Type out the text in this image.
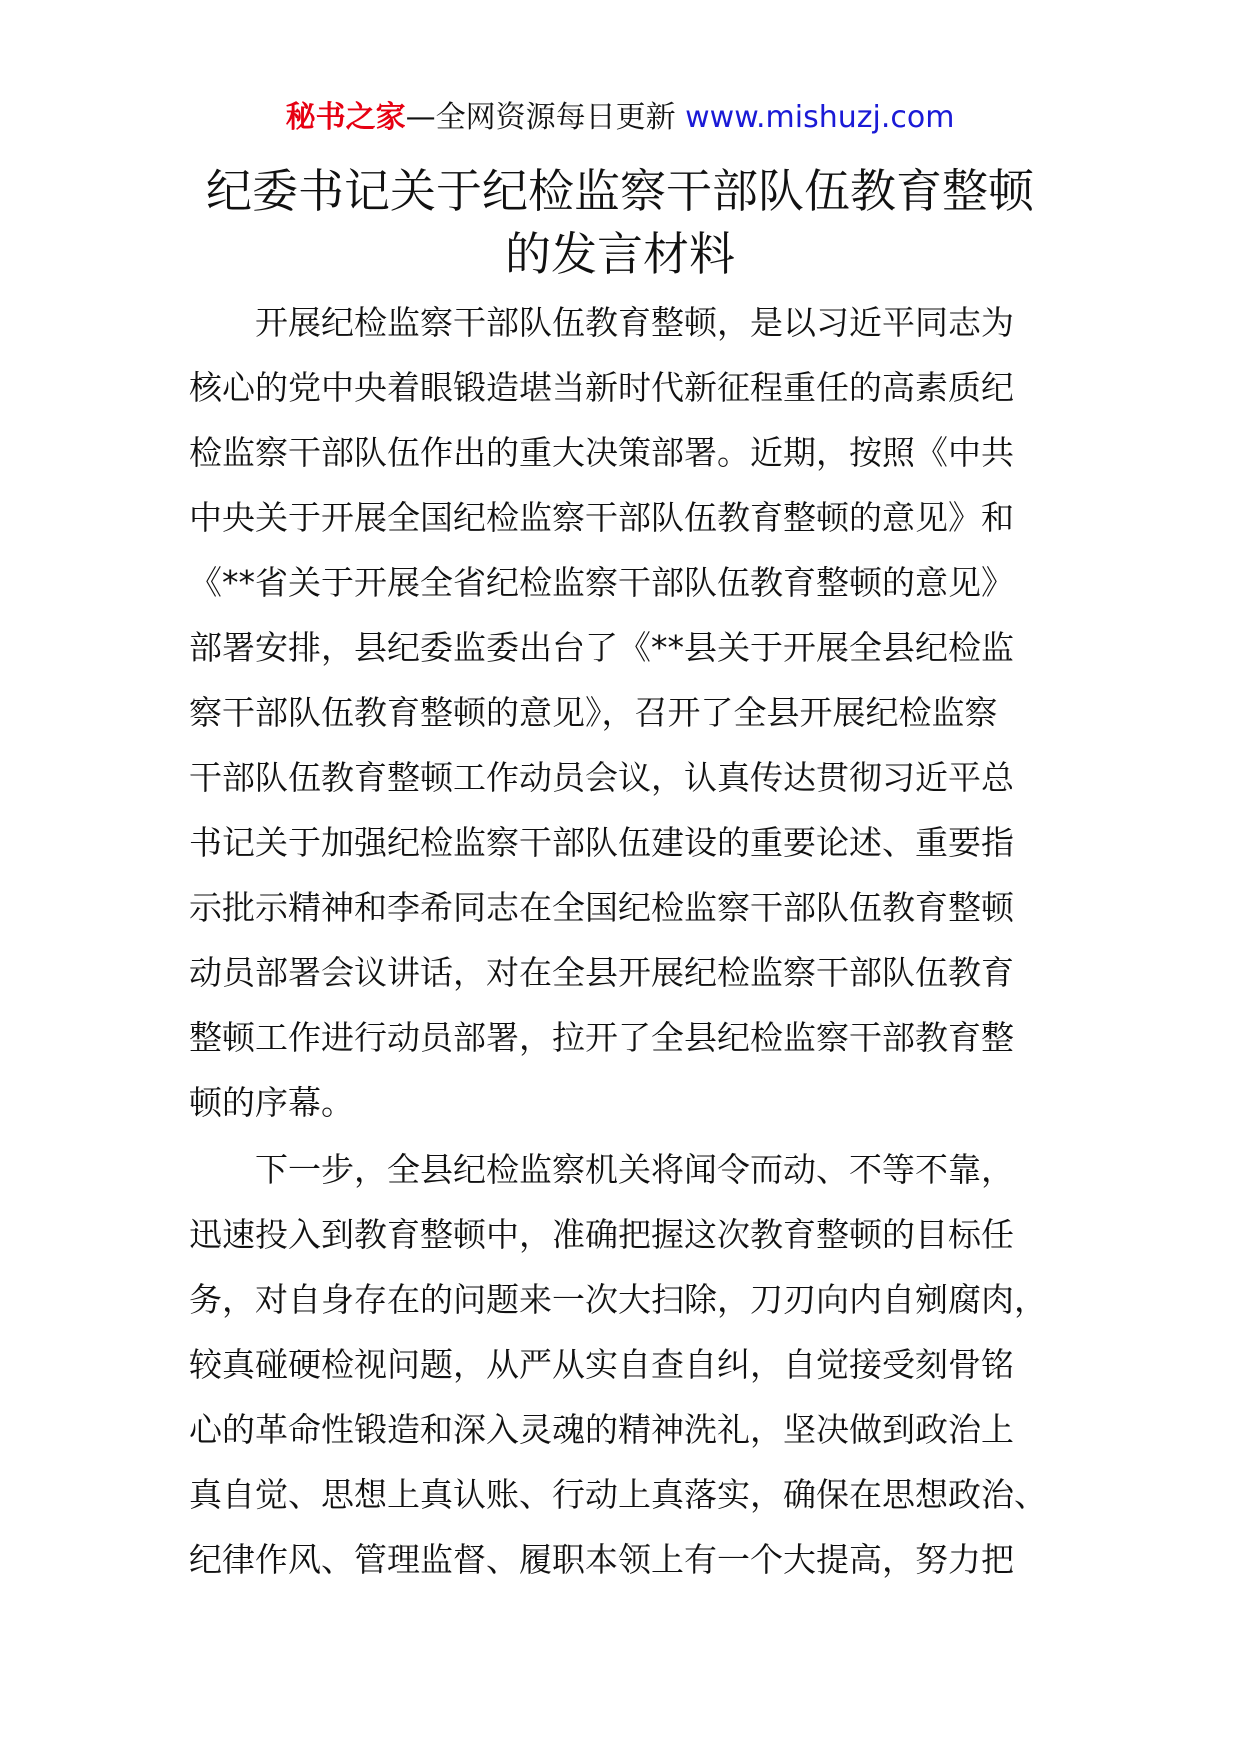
秘书之家—全网资源每日更新 www.mishuzj.com
纪委书记关于纪检监察干部队伍教育整顿
的发言材料
开展纪检监察干部队伍教育整顿，是以习近平同志为
核心的党中央着眼锻造堪当新时代新征程重任的高素质纪
检监察干部队伍作出的重大决策部署。近期，按照《中共
中央关于开展全国纪检监察干部队伍教育整顿的意见》和
《**省关于开展全省纪检监察干部队伍教育整顿的意见》
部署安排，县纪委监委出台了《**县关于开展全县纪检监
察干部队伍教育整顿的意见》，召开了全县开展纪检监察
干部队伍教育整顿工作动员会议，认真传达贯彻习近平总
书记关于加强纪检监察干部队伍建设的重要论述、重要指
示批示精神和李希同志在全国纪检监察干部队伍教育整顿
动员部署会议讲话，对在全县开展纪检监察干部队伍教育
整顿工作进行动员部署，拉开了全县纪检监察干部教育整
顿的序幕。
下一步，全县纪检监察机关将闻令而动、不等不靠，
迅速投入到教育整顿中，准确把握这次教育整顿的目标任
务，对自身存在的问题来一次大扫除，刀刃向内自剜腐肉，
较真碰硬检视问题，从严从实自查自纠，自觉接受刻骨铭
心的革命性锻造和深入灵魂的精神洗礼，坚决做到政治上
真自觉、思想上真认账、行动上真落实，确保在思想政治、
纪律作风、管理监督、履职本领上有一个大提高，努力把
